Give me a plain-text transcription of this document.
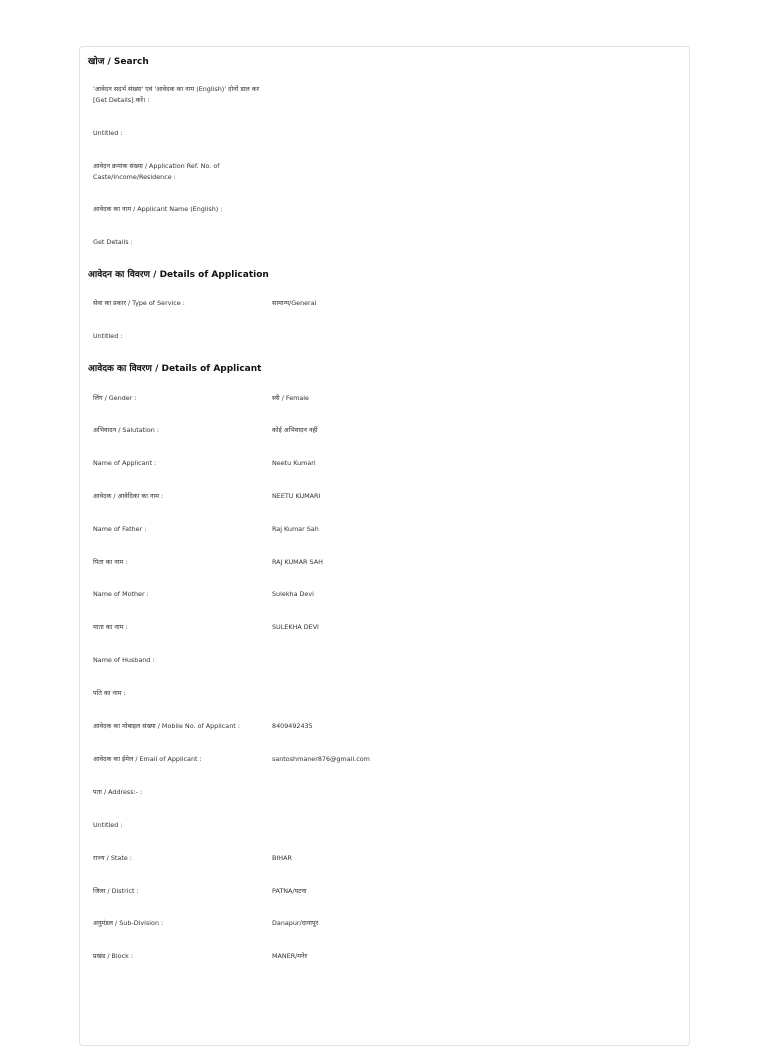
खोज / Search
'आवेदन सदर्भ संख्या' एवं 'आवेदक का नाम (English)' दोनों डाल कर [Get Details] करें। :
Untitled :
आवेदन क्रमांक संख्या / Application Ref. No. of Caste/Income/Residence :
आवेदक का नाम / Applicant Name (English) :
Get Details :
आवेदन का विवरण / Details of Application
सेवा का प्रकार / Type of Service :	सामान्य/General
Untitled :
आवेदक का विवरण / Details of Applicant
लिंग / Gender :	स्त्री / Female
अभिवादन / Salutation :	कोई अभिवादन नहीं
Name of Applicant :	Neetu Kumari
आवेदक / आवेदिका का नाम :	NEETU KUMARI
Name of Father :	Raj Kumar Sah
पिता का नाम :	RAJ KUMAR SAH
Name of Mother :	Sulekha Devi
माता का नाम :	SULEKHA DEVI
Name of Husband :
पति का नाम :
आवेदक का मोबाइल संख्या / Mobile No. of Applicant :	8409492435
आवेदक का ईमेल / Email of Applicant :	santoshmaner876@gmail.com
पता / Address:- :
Untitled :
राज्य / State :	BIHAR
जिला / District :	PATNA/पटना
अनुमंडल / Sub-Division :	Danapur/दानापुर
प्रखंड / Block :	MANER/मनेर
